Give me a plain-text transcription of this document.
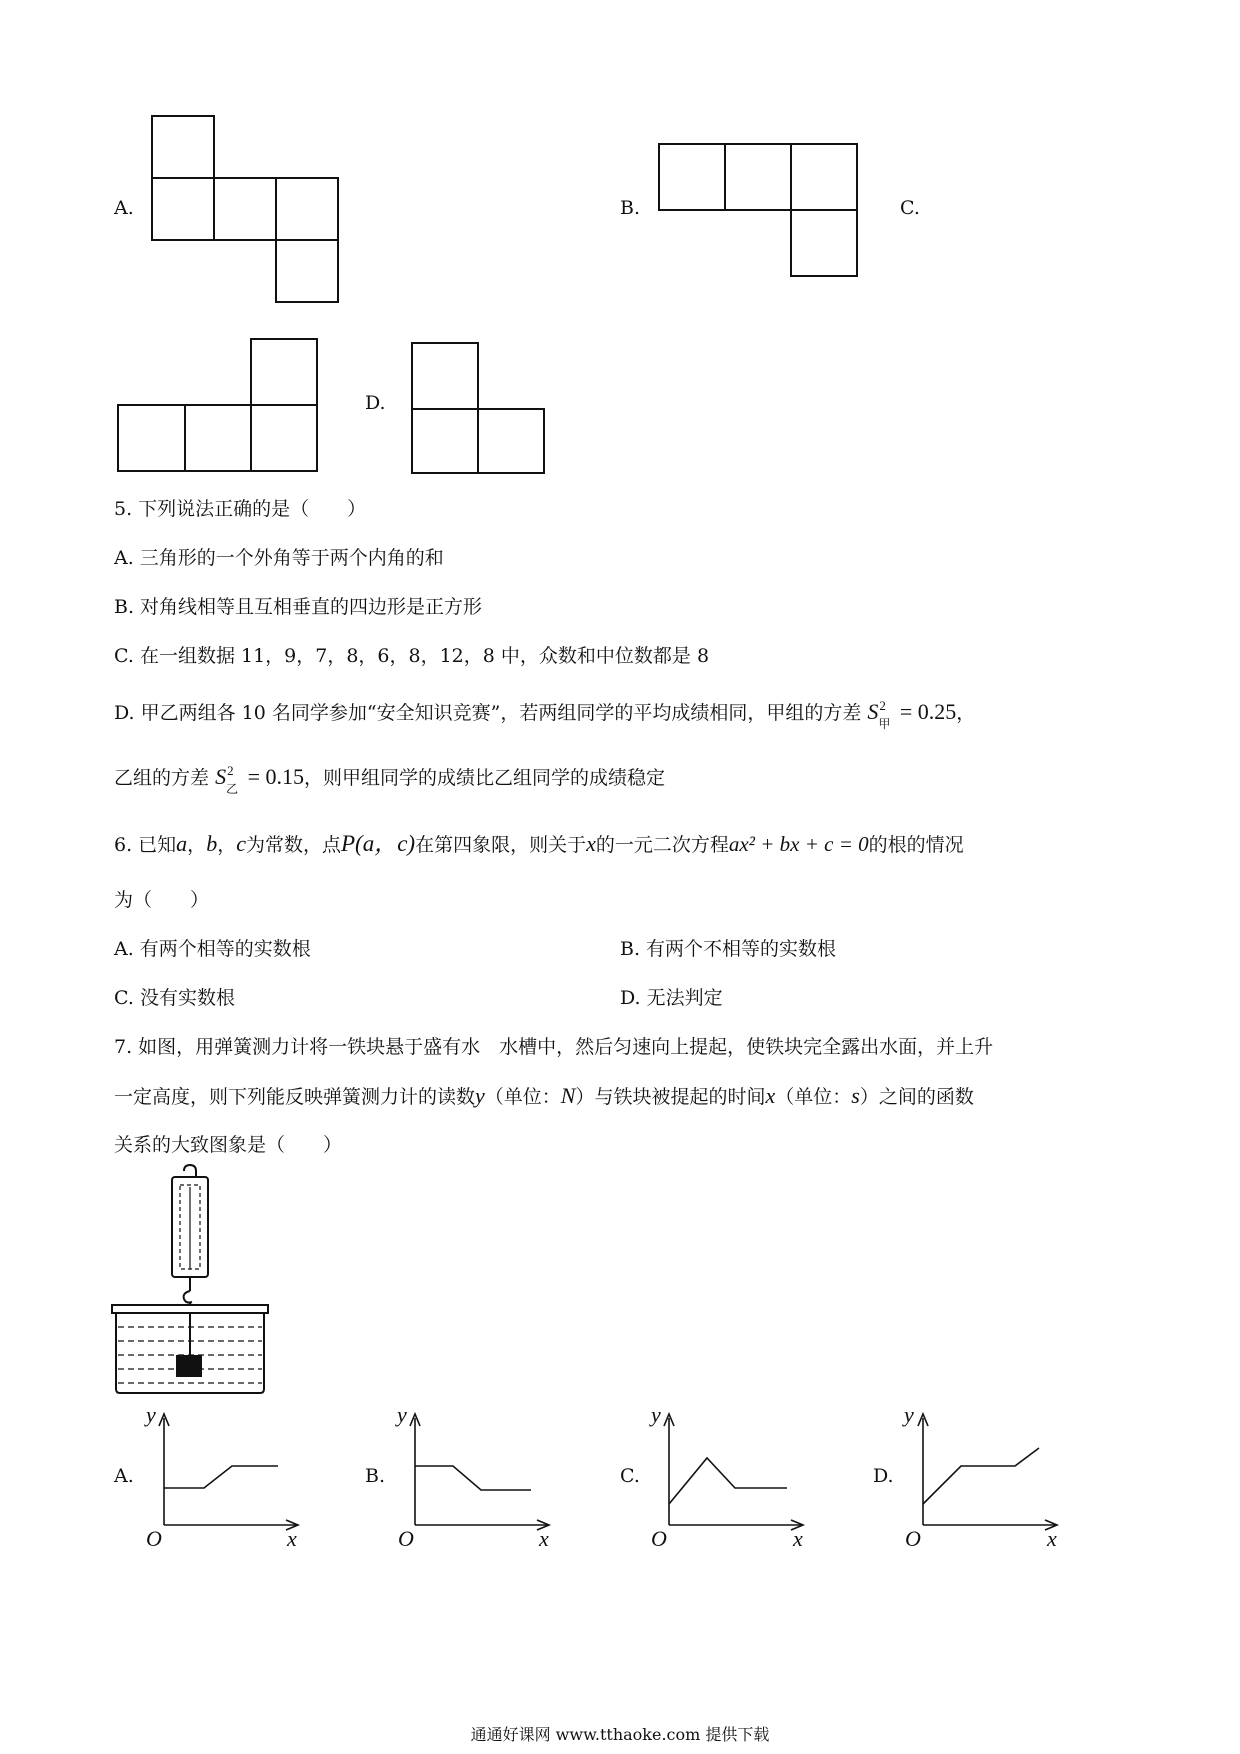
A.	B.	C.
D.
5. 下列说法正确的是（　　）
A. 三角形的一个外角等于两个内角的和
B. 对角线相等且互相垂直的四边形是正方形
C. 在一组数据 11，9，7，8，6，8，12，8 中，众数和中位数都是 8
D. 甲乙两组各 10 名同学参加“安全知识竞赛”，若两组同学的平均成绩相同，甲组的方差 S 2
甲 = 0.25，
乙组的方差 S 2
乙 = 0.15，则甲组同学的成绩比乙组同学的成绩稳定
6. 已知a，b，c为常数，点P(a，c)在第四象限，则关于x的一元二次方程ax² + bx + c = 0的根的情况
为（　　）
A. 有两个相等的实数根	B. 有两个不相等的实数根
C. 没有实数根	D. 无法判定
7. 如图，用弹簧测力计将一铁块悬于盛有水　水槽中，然后匀速向上提起，使铁块完全露出水面，并上升
一定高度，则下列能反映弹簧测力计的读数y（单位：N）与铁块被提起的时间x（单位：s）之间的函数
关系的大致图象是（　　）
A.
y
O	x
B.
y
O	x
C.
y
O	x
D.
y
O	x
通通好课网 www.tthaoke.com 提供下载
